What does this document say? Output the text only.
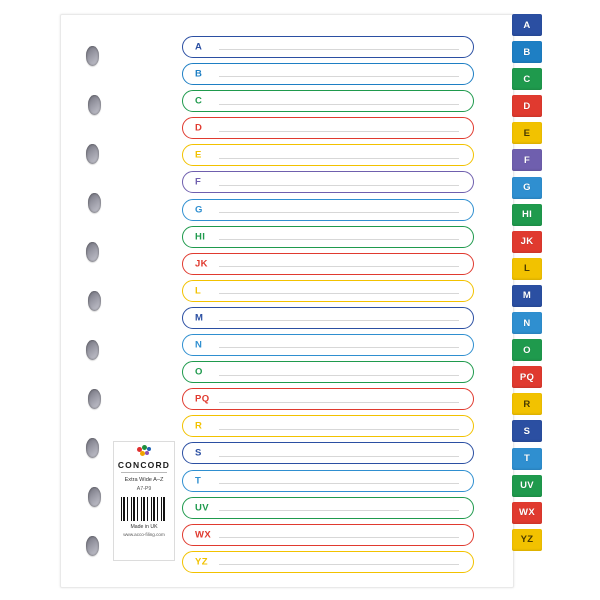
A
B
C
D
E
F
G
HI
JK
L
M
N
O
PQ
R
S
T
UV
WX
YZ
A
B
C
D
E
F
G
HI
JK
L
M
N
O
PQ
R
S
T
UV
WX
YZ
CONCORD
Extra Wide A–Z
A7-P9
Made in UK
www.acco-filing.com
